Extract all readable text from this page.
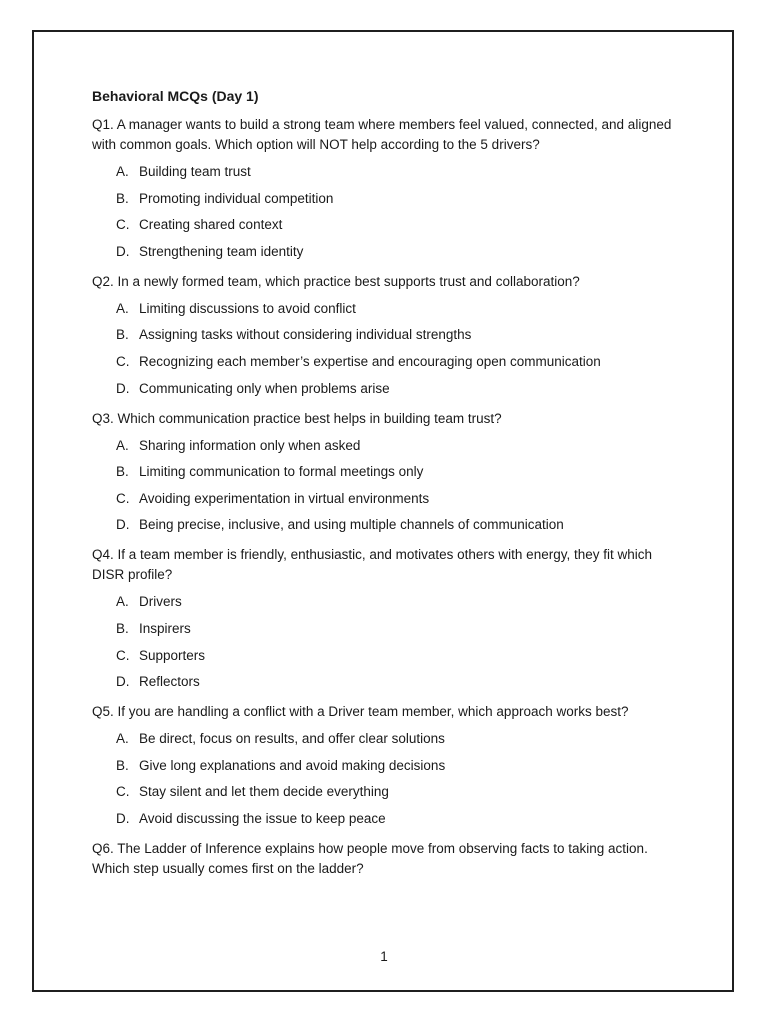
Behavioral MCQs (Day 1)
Q1. A manager wants to build a strong team where members feel valued, connected, and aligned with common goals. Which option will NOT help according to the 5 drivers?
A. Building team trust
B. Promoting individual competition
C. Creating shared context
D. Strengthening team identity
Q2. In a newly formed team, which practice best supports trust and collaboration?
A. Limiting discussions to avoid conflict
B. Assigning tasks without considering individual strengths
C. Recognizing each member’s expertise and encouraging open communication
D. Communicating only when problems arise
Q3. Which communication practice best helps in building team trust?
A. Sharing information only when asked
B. Limiting communication to formal meetings only
C. Avoiding experimentation in virtual environments
D. Being precise, inclusive, and using multiple channels of communication
Q4. If a team member is friendly, enthusiastic, and motivates others with energy, they fit which DISR profile?
A. Drivers
B. Inspirers
C. Supporters
D. Reflectors
Q5. If you are handling a conflict with a Driver team member, which approach works best?
A. Be direct, focus on results, and offer clear solutions
B. Give long explanations and avoid making decisions
C. Stay silent and let them decide everything
D. Avoid discussing the issue to keep peace
Q6. The Ladder of Inference explains how people move from observing facts to taking action. Which step usually comes first on the ladder?
1
